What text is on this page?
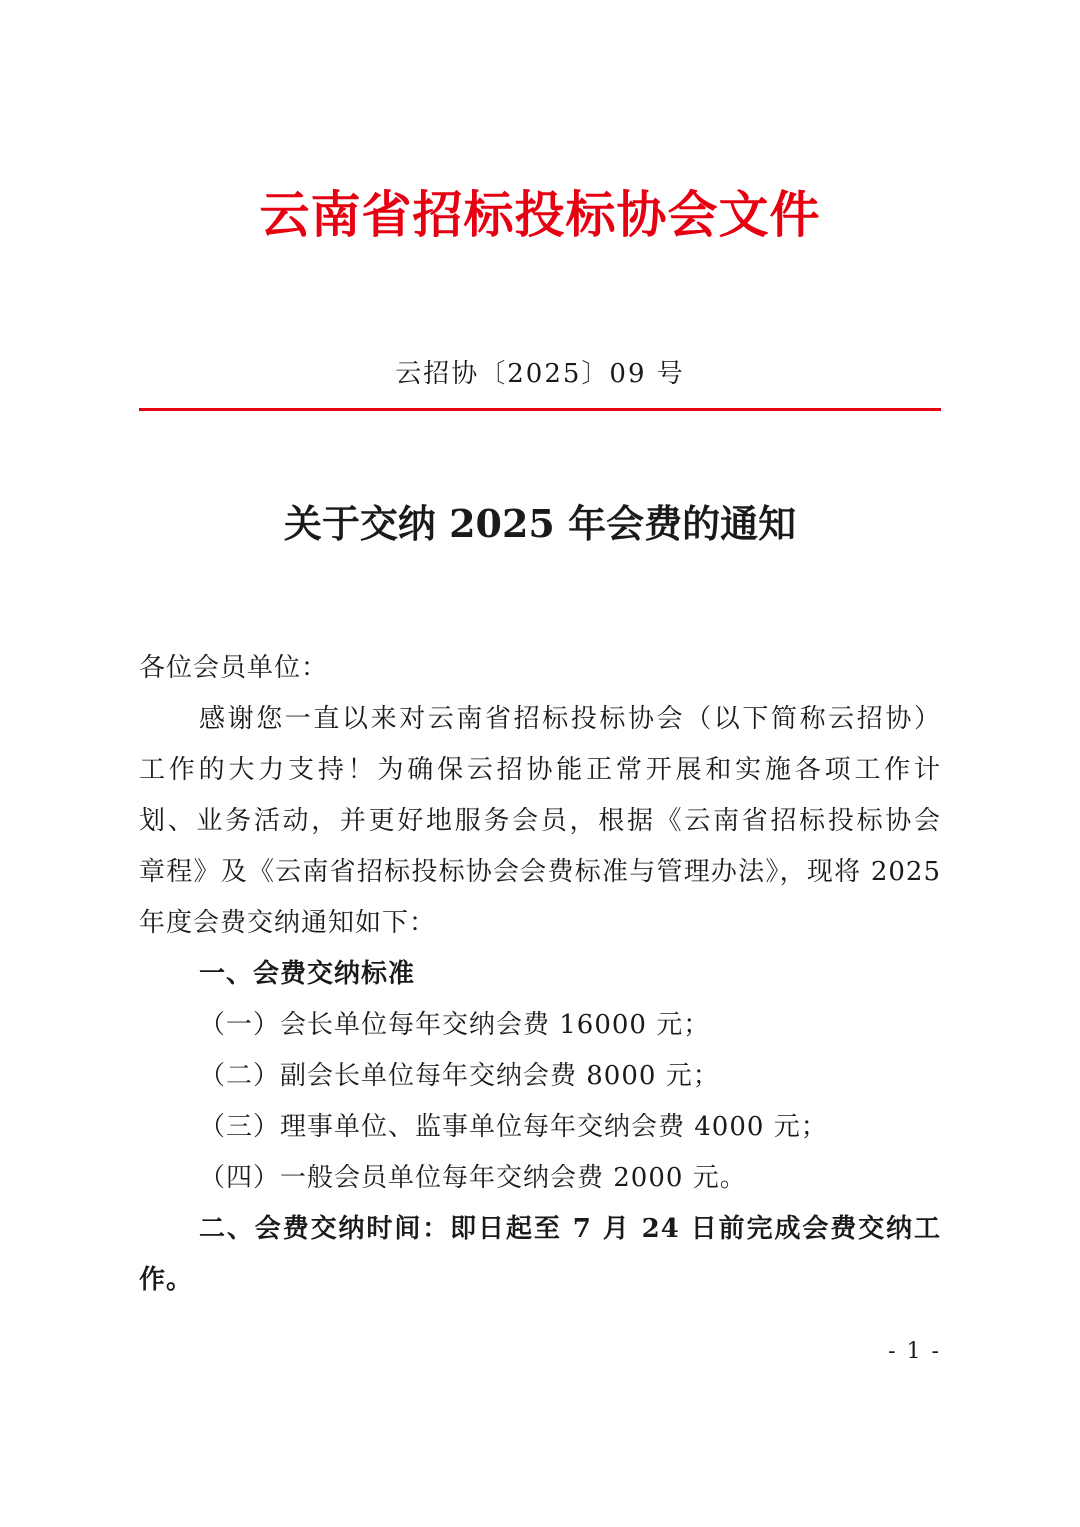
云南省招标投标协会文件
云招协〔2025〕09 号
关于交纳 2025 年会费的通知
各位会员单位：
感谢您一直以来对云南省招标投标协会（以下简称云招协）
工作的大力支持！为确保云招协能正常开展和实施各项工作计
划、业务活动，并更好地服务会员，根据《云南省招标投标协会
章程》及《云南省招标投标协会会费标准与管理办法》，现将 2025
年度会费交纳通知如下：
一、会费交纳标准
（一）会长单位每年交纳会费 16000 元；
（二）副会长单位每年交纳会费 8000 元；
（三）理事单位、监事单位每年交纳会费 4000 元；
（四）一般会员单位每年交纳会费 2000 元。
二、会费交纳时间：即日起至 7 月 24 日前完成会费交纳工
作。
- 1 -
